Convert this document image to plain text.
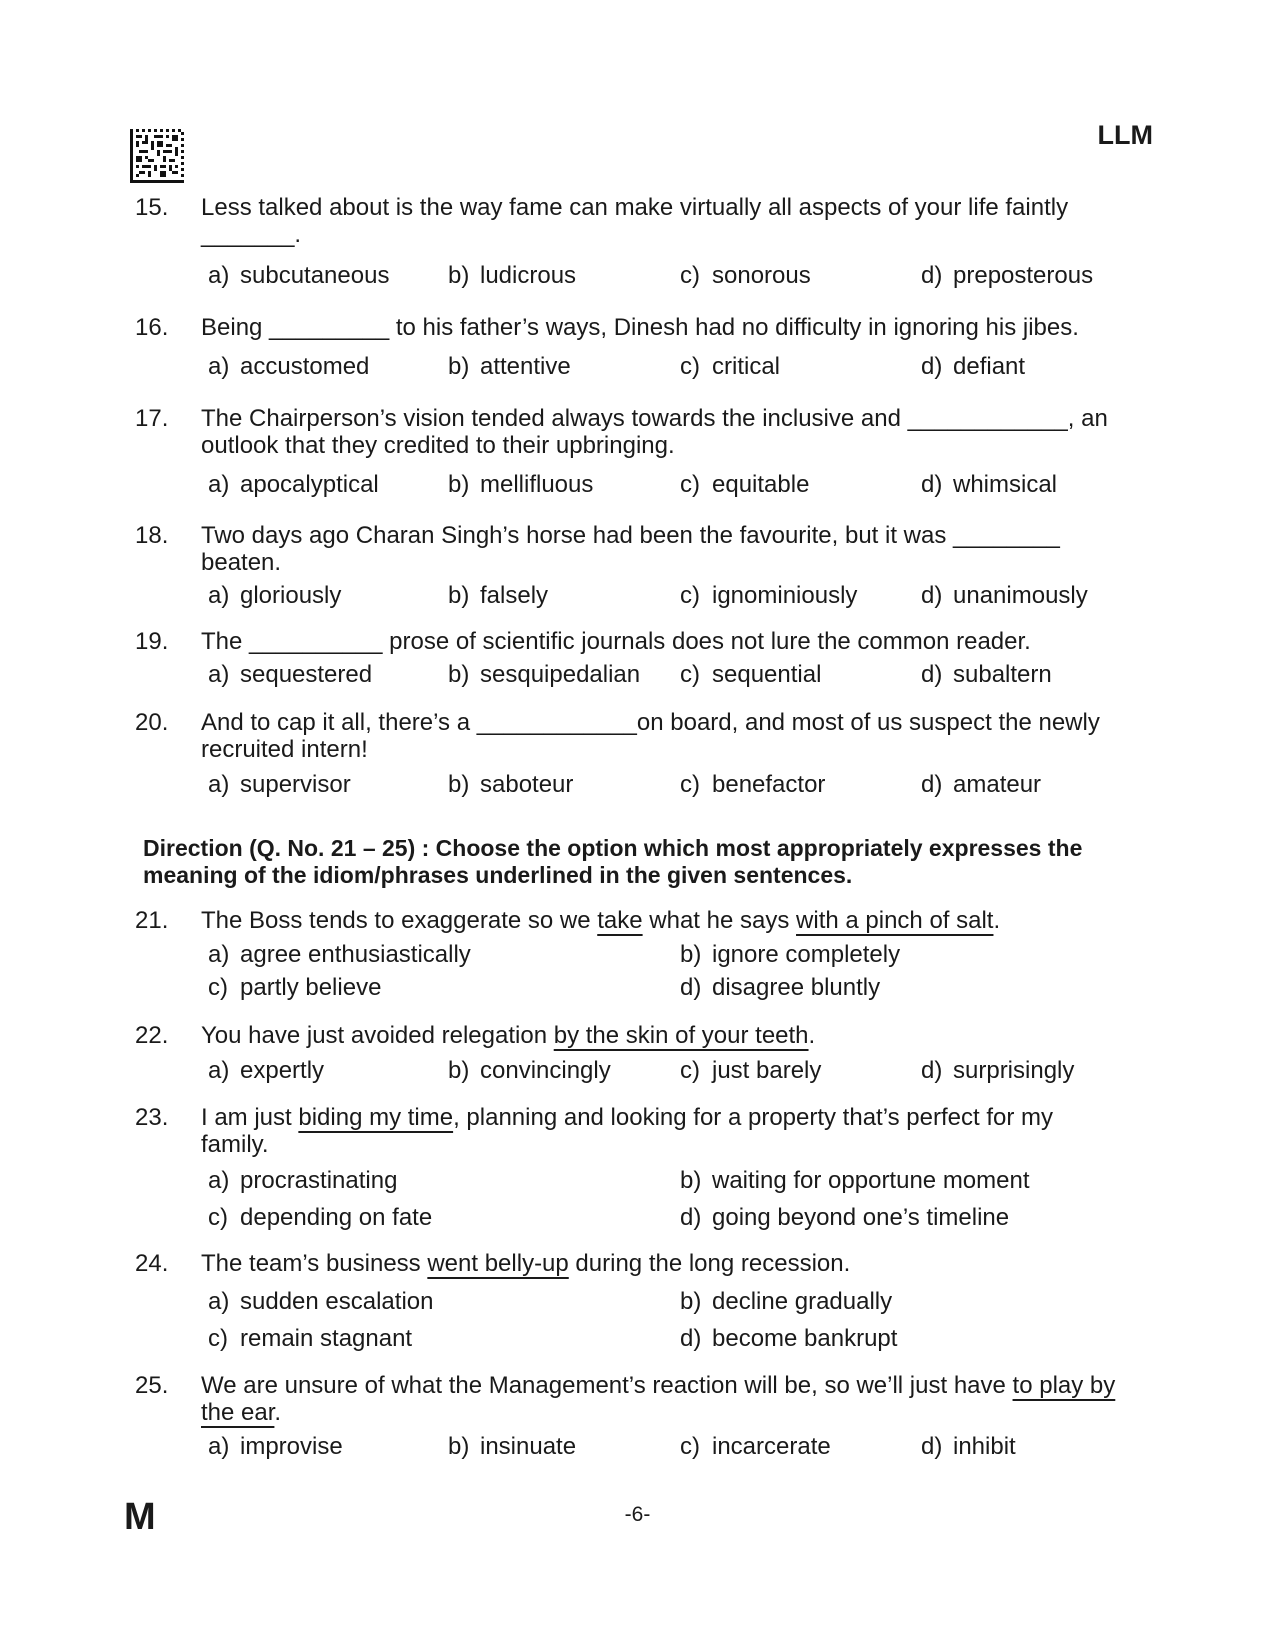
LLM
15. Less talked about is the way fame can make virtually all aspects of your life faintly _______.
a) subcutaneous b) ludicrous	c) sonorous	d) preposterous
16. Being _________ to his father’s ways, Dinesh had no difficulty in ignoring his jibes.
a) accustomed	b) attentive	c) critical	d) defiant
17. The Chairperson’s vision tended always towards the inclusive and ____________, an outlook that they credited to their upbringing.
a) apocalyptical	b) mellifluous	c) equitable	d) whimsical
18. Two days ago Charan Singh’s horse had been the favourite, but it was ________ beaten.
a) gloriously	b) falsely	c) ignominiously	d) unanimously
19. The __________ prose of scientific journals does not lure the common reader.
a) sequestered	b) sesquipedalian c) sequential	d) subaltern
20. And to cap it all, there’s a ____________on board, and most of us suspect the newly recruited intern!
a) supervisor	b) saboteur	c) benefactor	d) amateur
Direction (Q. No. 21 – 25) : Choose the option which most appropriately expresses the meaning of the idiom/phrases underlined in the given sentences.
21. The Boss tends to exaggerate so we take what he says with a pinch of salt.
a) agree enthusiastically	b) ignore completely
c) partly believe	d) disagree bluntly
22. You have just avoided relegation by the skin of your teeth.
a) expertly	b) convincingly	c) just barely	d) surprisingly
23. I am just biding my time, planning and looking for a property that’s perfect for my family.
a) procrastinating	b) waiting for opportune moment
c) depending on fate	d) going beyond one’s timeline
24. The team’s business went belly-up during the long recession.
a) sudden escalation	b) decline gradually
c) remain stagnant	d) become bankrupt
25. We are unsure of what the Management’s reaction will be, so we’ll just have to play by the ear.
a) improvise	b) insinuate	c) incarcerate	d) inhibit
M	-6-
